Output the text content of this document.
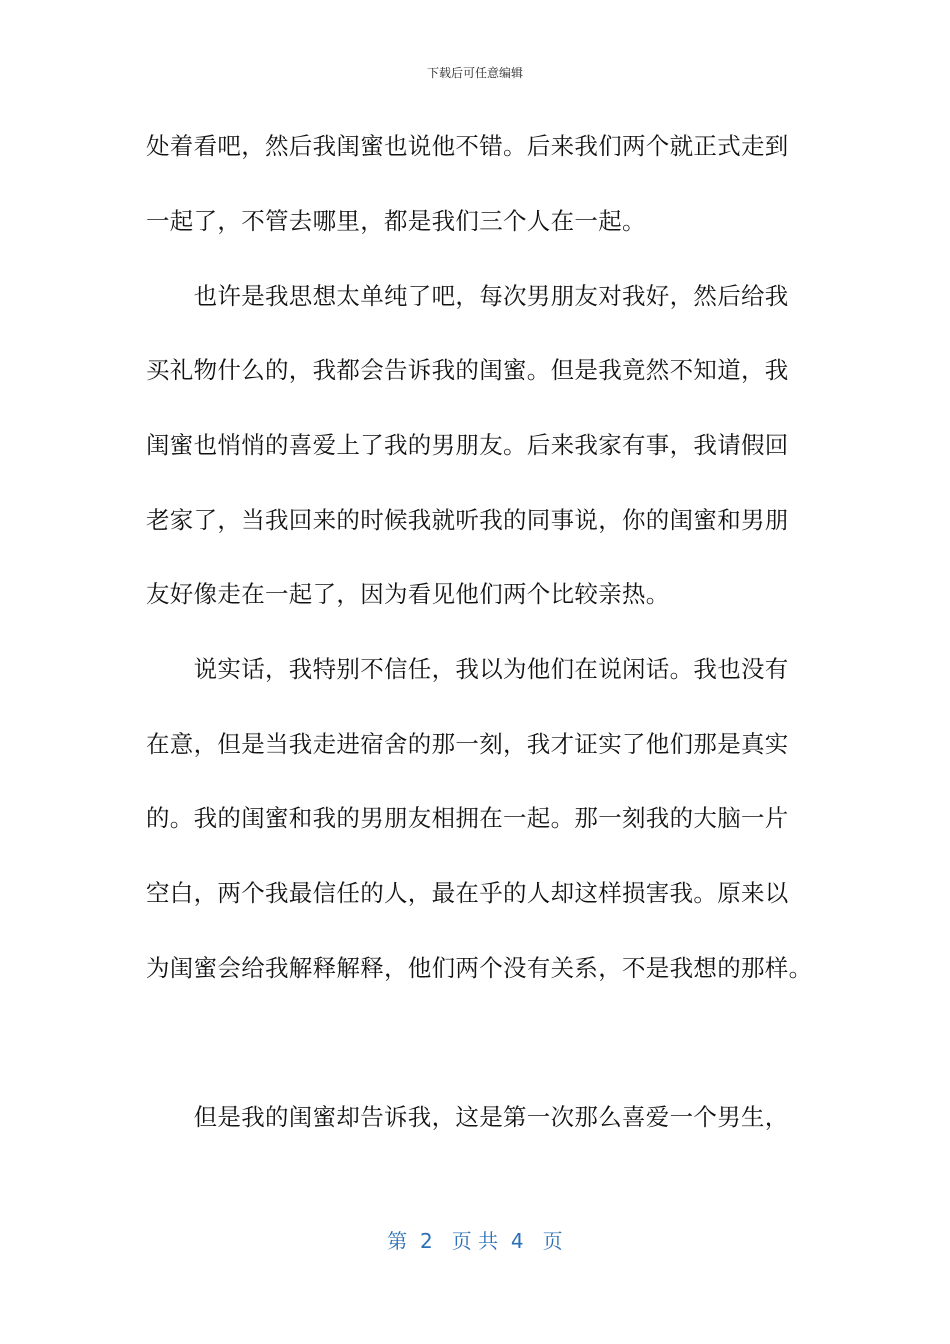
下载后可任意编辑
处着看吧，然后我闺蜜也说他不错。后来我们两个就正式走到
一起了，不管去哪里，都是我们三个人在一起。
　　也许是我思想太单纯了吧，每次男朋友对我好，然后给我
买礼物什么的，我都会告诉我的闺蜜。但是我竟然不知道，我
闺蜜也悄悄的喜爱上了我的男朋友。后来我家有事，我请假回
老家了，当我回来的时候我就听我的同事说，你的闺蜜和男朋
友好像走在一起了，因为看见他们两个比较亲热。
　　说实话，我特别不信任，我以为他们在说闲话。我也没有
在意，但是当我走进宿舍的那一刻，我才证实了他们那是真实
的。我的闺蜜和我的男朋友相拥在一起。那一刻我的大脑一片
空白，两个我最信任的人，最在乎的人却这样损害我。原来以
为闺蜜会给我解释解释，他们两个没有关系，不是我想的那样。
　　但是我的闺蜜却告诉我，这是第一次那么喜爱一个男生，
第  2   页 共  4   页
